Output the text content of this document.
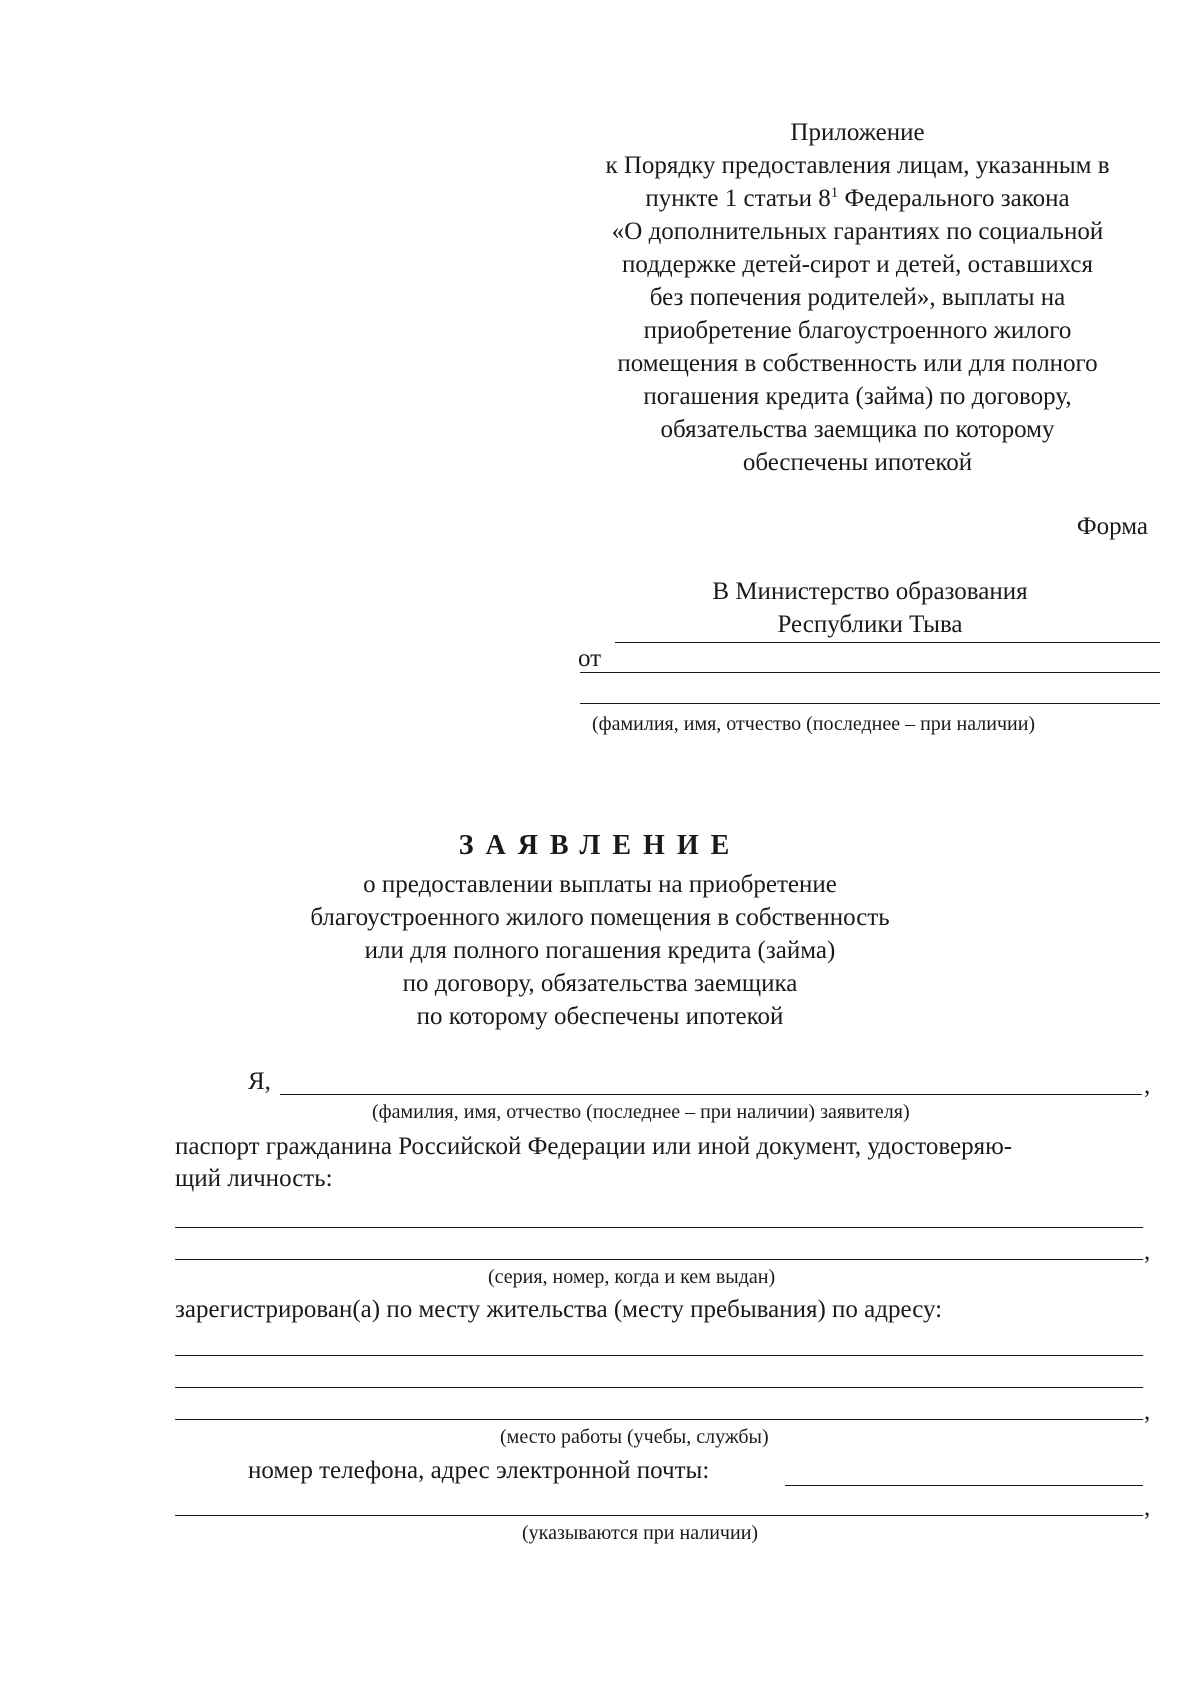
Приложение
к Порядку предоставления лицам, указанным в
пункте 1 статьи $8^1$ Федерального закона
«О дополнительных гарантиях по социальной
поддержке детей-сирот и детей, оставшихся
без попечения родителей», выплаты на
приобретение благоустроенного жилого
помещения в собственность или для полного
погашения кредита (займа) по договору,
обязательства заемщика по которому
обеспечены ипотекой
Форма
В Министерство образования
Республики Тыва
от
(фамилия, имя, отчество (последнее – при наличии)
ЗАЯВЛЕНИЕ
о предоставлении выплаты на приобретение
благоустроенного жилого помещения в собственность
или для полного погашения кредита (займа)
по договору, обязательства заемщика
по которому обеспечены ипотекой
Я,	,
(фамилия, имя, отчество (последнее – при наличии) заявителя)
паспорт гражданина Российской Федерации или иной документ, удостоверяю-
щий личность:
,
(серия, номер, когда и кем выдан)
зарегистрирован(а) по месту жительства (месту пребывания) по адресу:
,
(место работы (учебы, службы)
номер телефона, адрес электронной почты:
,
(указываются при наличии)
